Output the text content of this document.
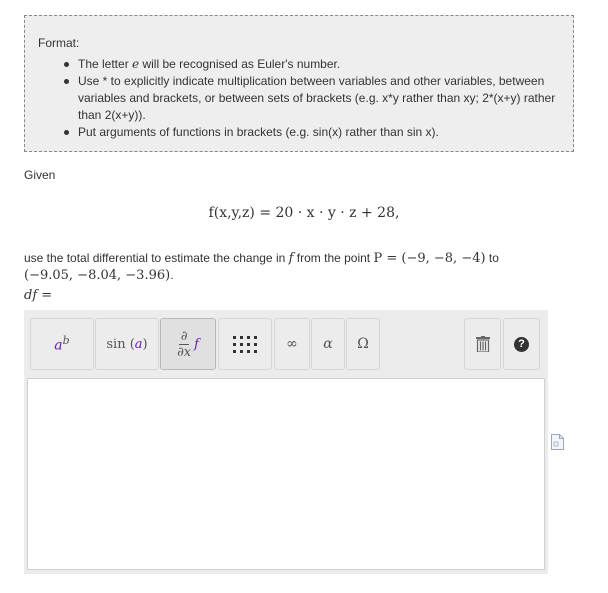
Format:
The letter e will be recognised as Euler's number.
Use * to explicitly indicate multiplication between variables and other variables, between variables and brackets, or between sets of brackets (e.g. x*y rather than xy; 2*(x+y) rather than 2(x+y)).
Put arguments of functions in brackets (e.g. sin(x) rather than sin x).
Given
f(x,y,z) = 20 · x · y · z + 28,
use the total differential to estimate the change in f from the point P = (−9, −8, −4) to
(−9.05, −8.04, −3.96).
df =
$a^b$	sin (a)
∂
∂x
f	∞ α Ω	?
